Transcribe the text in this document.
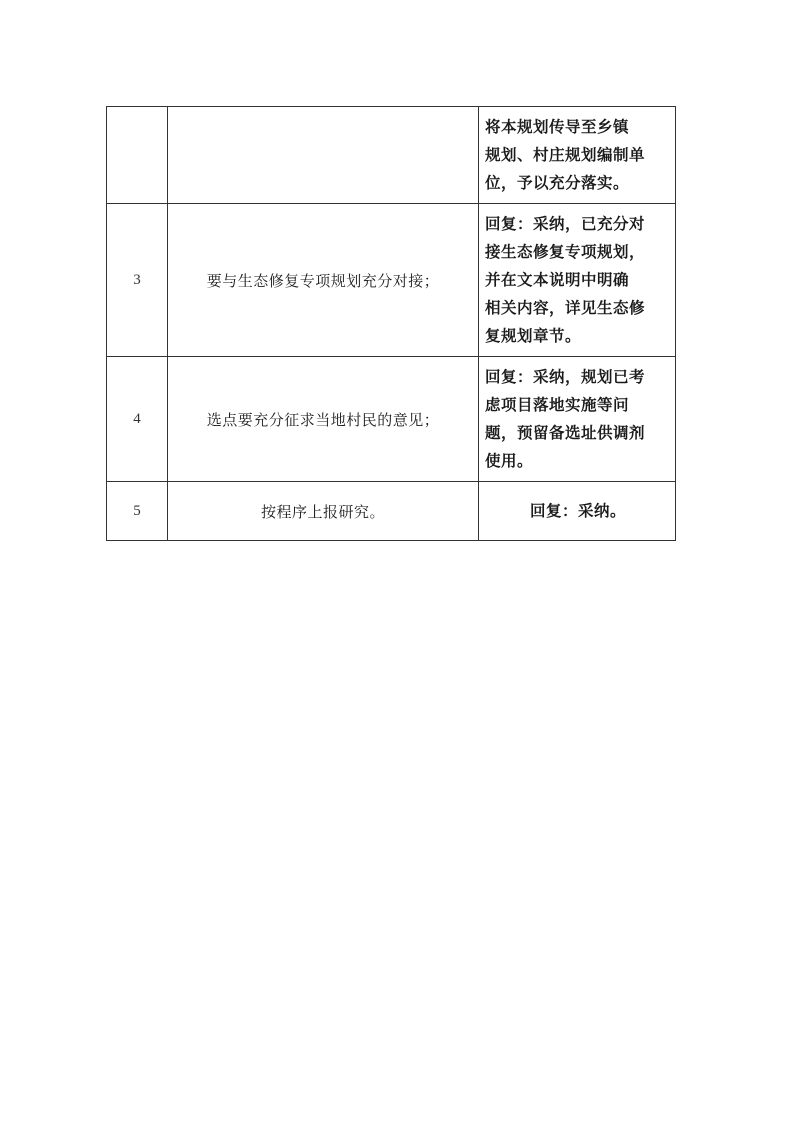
		将本规划传导至乡镇
规划、村庄规划编制单
位，予以充分落实。

3	要与生态修复专项规划充分对接；	回复：采纳，已充分对
接生态修复专项规划，
并在文本说明中明确
相关内容，详见生态修
复规划章节。

4	选点要充分征求当地村民的意见；	回复：采纳，规划已考
虑项目落地实施等问
题，预留备选址供调剂
使用。

5	按程序上报研究。	回复：采纳。
